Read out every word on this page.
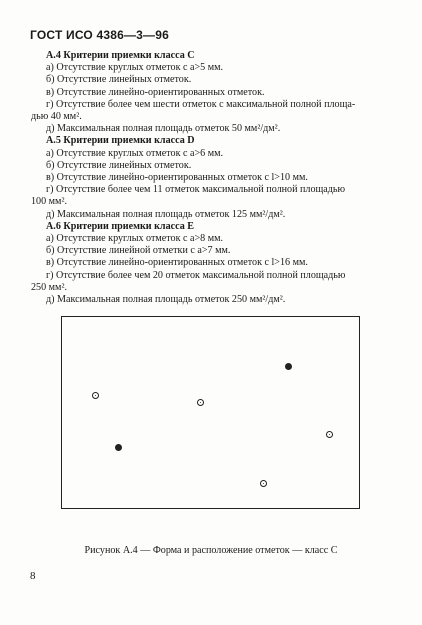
ГОСТ ИСО 4386—3—96
А.4 Критерии приемки класса С
а) Отсутствие круглых отметок с a>5 мм.
б) Отсутствие линейных отметок.
в) Отсутствие линейно-ориентированных отметок.
г) Отсутствие более чем шести отметок с максимальной полной площа-
дью 40 мм².
д) Максимальная полная площадь отметок 50 мм²/дм².
А.5 Критерии приемки класса D
а) Отсутствие круглых отметок с a>6 мм.
б) Отсутствие линейных отметок.
в) Отсутствие линейно-ориентированных отметок с l>10 мм.
г) Отсутствие более чем 11 отметок максимальной полной площадью
100 мм².
д) Максимальная полная площадь отметок 125 мм²/дм².
А.6 Критерии приемки класса Е
а) Отсутствие круглых отметок с a>8 мм.
б) Отсутствие линейной отметки с a>7 мм.
в) Отсутствие линейно-ориентированных отметок с l>16 мм.
г) Отсутствие более чем 20 отметок максимальной полной площадью
250 мм².
д) Максимальная полная площадь отметок 250 мм²/дм².
Рисунок А.4 — Форма и расположение отметок — класс С
8
